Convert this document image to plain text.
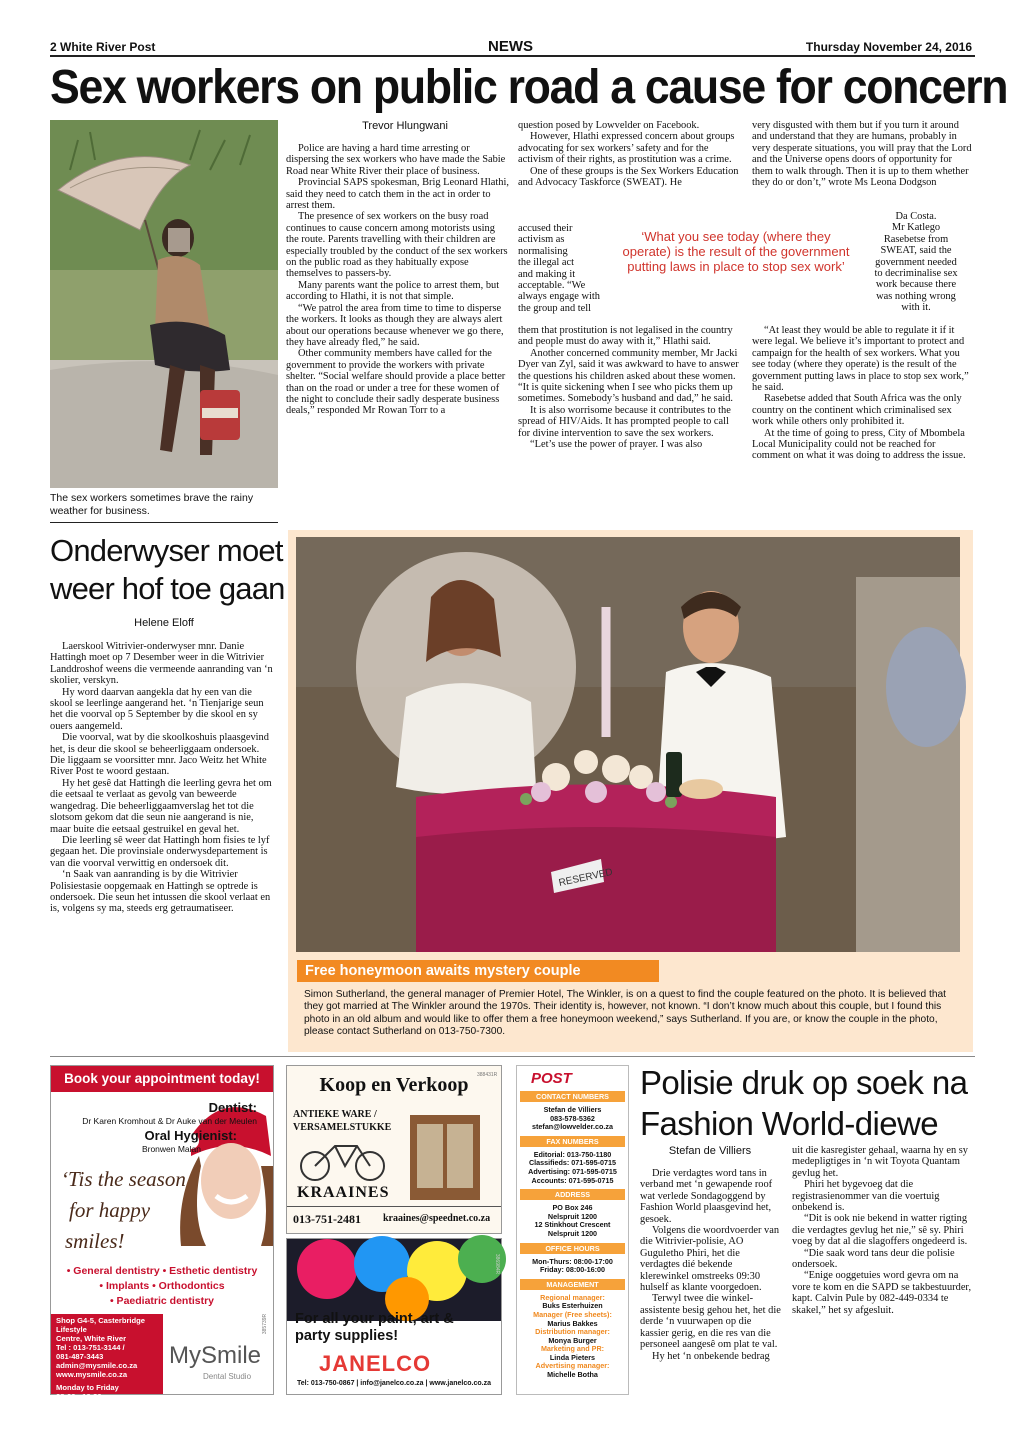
2 White River Post	NEWS	Thursday November 24, 2016
Sex workers on public road a cause for concern
The sex workers sometimes brave the rainy weather for business.
Trevor Hlungwani

Police are having a hard time arresting or dispersing the sex workers who have made the Sabie Road near White River their place of business.

Provincial SAPS spokesman, Brig Leonard Hlathi, said they need to catch them in the act in order to arrest them.

The presence of sex workers on the busy road continues to cause concern among motorists using the route. Parents travelling with their children are especially troubled by the conduct of the sex workers on the public road as they habitually expose themselves to passers-by.

Many parents want the police to arrest them, but according to Hlathi, it is not that simple.

“We patrol the area from time to time to disperse the workers. It looks as though they are always alert about our operations because whenever we go there, they have already fled,” he said.

Other community members have called for the government to provide the workers with private shelter. “Social welfare should provide a place better than on the road or under a tree for these women of the night to conclude their sadly desperate business deals,” responded Mr Rowan Torr to a

question posed by Lowvelder on Facebook.

However, Hlathi expressed concern about groups advocating for sex workers’ safety and for the activism of their rights, as prostitution was a crime.

One of these groups is the Sex Workers Education and Advocacy Taskforce (SWEAT). He

accused their
activism as
normalising
the illegal act
and making it
acceptable. “We
always engage with
the group and tell

them that prostitution is not legalised in the country and people must do away with it,” Hlathi said.

Another concerned community member, Mr Jacki Dyer van Zyl, said it was awkward to have to answer the questions his children asked about these women. “It is quite sickening when I see who picks them up sometimes. Somebody’s husband and dad,” he said.

It is also worrisome because it contributes to the spread of HIV/Aids. It has prompted people to call for divine intervention to save the sex workers.

“Let’s use the power of prayer. I was also

‘What you see today (where they operate) is the result of the government putting laws in place to stop sex work’
very disgusted with them but if you turn it around and understand that they are humans, probably in very desperate situations, you will pray that the Lord and the Universe opens doors of opportunity for them to walk through. Then it is up to them whether they do or don’t,” wrote Ms Leona Dodgson
Da Costa.
Mr Katlego
Rasebetse from
SWEAT, said the
government needed
to decriminalise sex
work because there
was nothing wrong
with it.

“At least they would be able to regulate it if it were legal. We believe it’s important to protect and campaign for the health of sex workers. What you see today (where they operate) is the result of the government putting laws in place to stop sex work,” he said.

Rasebetse added that South Africa was the only country on the continent which criminalised sex work while others only prohibited it.

At the time of going to press, City of Mbombela Local Municipality could not be reached for comment on what it was doing to address the issue.

Onderwyser moet weer hof toe gaan
Helene Eloff

Laerskool Witrivier-onderwyser mnr. Danie Hattingh moet op 7 Desember weer in die Witrivier Landdroshof weens die vermeende aanranding van ‘n skolier, verskyn.

Hy word daarvan aangekla dat hy een van die skool se leerlinge aangerand het. ‘n Tienjarige seun het die voorval op 5 September by die skool en sy ouers aangemeld.

Die voorval, wat by die skoolkoshuis plaasgevind het, is deur die skool se beheerliggaam ondersoek. Die liggaam se voorsitter mnr. Jaco Weitz het White River Post te woord gestaan.

Hy het gesê dat Hattingh die leerling gevra het om die eetsaal te verlaat as gevolg van beweerde wangedrag. Die beheerliggaamverslag het tot die slotsom gekom dat die seun nie aangerand is nie, maar buite die eetsaal gestruikel en geval het.

Die leerling sê weer dat Hattingh hom fisies te lyf gegaan het. Die provinsiale onderwysdepartement is van die voorval verwittig en ondersoek dit.

‘n Saak van aanranding is by die Witrivier Polisiestasie oopgemaak en Hattingh se optrede is ondersoek. Die seun het intussen die skool verlaat en is, volgens sy ma, steeds erg getraumatiseer.

RESERVED
Free honeymoon awaits mystery couple
Simon Sutherland, the general manager of Premier Hotel, The Winkler, is on a quest to find the couple featured on the photo. It is believed that they got married at The Winkler around the 1970s. Their identity is, however, not known. “I don’t know much about this couple, but I found this photo in an old album and would like to offer them a free honeymoon weekend,” says Sutherland. If you are, or know the couple in the photo, please contact Sutherland on 013-750-7300.
Book your appointment today!
Dentist:
Dr Karen Kromhout & Dr Auke van der Meulen
Oral Hygienist:
Bronwen Malan
‘Tis the season
for happy
smiles!
• General dentistry • Esthetic dentistry
• Implants • Orthodontics
• Paediatric dentistry
Shop G4-5, Casterbridge Lifestyle
Centre, White River
Tel : 013-751-3144 /
081-487-3443
admin@mysmile.co.za
www.mysmile.co.za
Monday to Friday
08:00 - 16:30
MySmile
Dental Studio
385739R
Koop en Verkoop
ANTIEKE WARE /
VERSAMELSTUKKE
KRAAINES
013-751-2481 kraaines@speednet.co.za
388431R
For all your paint, art &
party supplies!
JANELCO
Tel: 013-750-0867 | info@janelco.co.za | www.janelco.co.za
386984R
POST
CONTACT NUMBERS
Stefan de Villiers
083-578-5362
stefan@lowvelder.co.za
FAX NUMBERS
Editorial: 013-750-1180
Classifieds: 071-595-0715
Advertising: 071-595-0715
Accounts: 071-595-0715
ADDRESS
PO Box 246
Nelspruit 1200
12 Stinkhout Crescent
Nelspruit 1200
OFFICE HOURS
Mon-Thurs: 08:00-17:00
Friday: 08:00-16:00
MANAGEMENT
Regional manager:
Buks Esterhuizen
Manager (Free sheets):
Marius Bakkes
Distribution manager:
Monya Burger
Marketing and PR:
Linda Pieters
Advertising manager:
Michelle Botha
Polisie druk op soek na Fashion World-diewe
Stefan de Villiers

Drie verdagtes word tans in verband met ‘n gewapende roof wat verlede Sondagoggend by Fashion World plaasgevind het, gesoek.

Volgens die woordvoerder van die Witrivier-polisie, AO Guguletho Phiri, het die verdagtes dié bekende klerewinkel omstreeks 09:30 hulself as klante voorgedoen.

Terwyl twee die winkel-assistente besig gehou het, het die derde ‘n vuurwapen op die kassier gerig, en die res van die personeel aangesê om plat te val.

Hy het ‘n onbekende bedrag

uit die kasregister gehaal, waarna hy en sy medepligtiges in ‘n wit Toyota Quantam gevlug het.

Phiri het bygevoeg dat die registrasienommer van die voertuig onbekend is.

“Dit is ook nie bekend in watter rigting die verdagtes gevlug het nie,” sê sy. Phiri voeg by dat al die slagoffers ongedeerd is.

“Die saak word tans deur die polisie ondersoek.

“Enige ooggetuies word gevra om na vore te kom en die SAPD se takbestuurder, kapt. Calvin Pule by 082-449-0334 te skakel,” het sy afgesluit.
